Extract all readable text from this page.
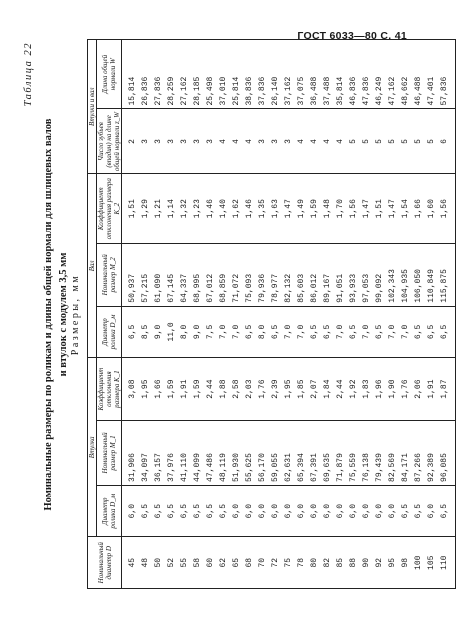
ГОСТ 6033—80 С. 41
Таблица 22
Номинальные размеры по роликам и длины общей нормали для шлицевых валов и втулок с модулем 3,5 мм Размеры, мм
Номинальный диаметр D	Втулка			Вал			Втулки и вал	
	Диаметр ролика D_м	Номинальный размер M_1	Коэффициент отклонения размера K_1	Диаметр ролика D_м	Номинальный размер M_2	Коэффициент отклонения размера K_2	Число зубьев (впадин) на длине общей нормали z_W	Длина общей нормали W
45	6,0	31,906	3,08	6,5	50,937	1,51	2	15,814
48	6,5	34,097	1,95	8,5	57,215	1,29	3	26,836
50	6,5	36,157	1,66	9,0	61,090	1,21	3	27,836
52	6,5	37,976	1,59	11,0	67,145	1,14	3	28,259
55	6,5	41,110	1,91	8,0	64,337	1,32	3	27,162
58	6,5	44,099	1,59	9,0	68,995	1,23	3	28,185
60	6,5	47,486	2,44	7,5	67,012	1,46	3	25,498
62	6,5	48,119	1,88	7,0	68,859	1,40	4	37,010
65	6,0	51,930	2,58	7,0	71,072	1,62	4	25,814
68	6,0	55,625	2,03	6,5	75,093	1,46	4	38,836
70	6,0	56,170	1,76	8,0	79,936	1,35	3	37,836
72	6,0	59,055	2,39	6,5	78,977	1,63	3	26,140
75	6,0	62,631	1,95	7,0	82,132	1,47	3	37,162
78	6,0	65,394	1,85	7,0	85,603	1,49	4	37,075
80	6,0	67,391	2,07	6,5	86,012	1,59	4	36,488
82	6,0	69,635	1,84	6,5	89,167	1,48	4	37,488
85	6,0	71,879	2,44	7,0	91,051	1,70	4	35,814
88	6,0	75,559	1,92	6,5	93,933	1,56	5	46,836
90	6,0	76,138	1,83	7,0	97,053	1,47	5	47,836
92	6,0	79,439	1,96	6,5	99,092	1,51	5	46,249
95	6,0	82,569	1,90	7,0	102,343	1,47	5	47,162
98	6,5	84,171	1,76	7,0	104,935	1,54	5	48,662
100	6,5	87,266	2,06	6,5	106,050	1,66	5	46,488
105	6,0	92,389	1,91	6,5	110,849	1,60	5	47,401
110	6,5	96,085	1,87	6,5	115,875	1,56	6	57,836
